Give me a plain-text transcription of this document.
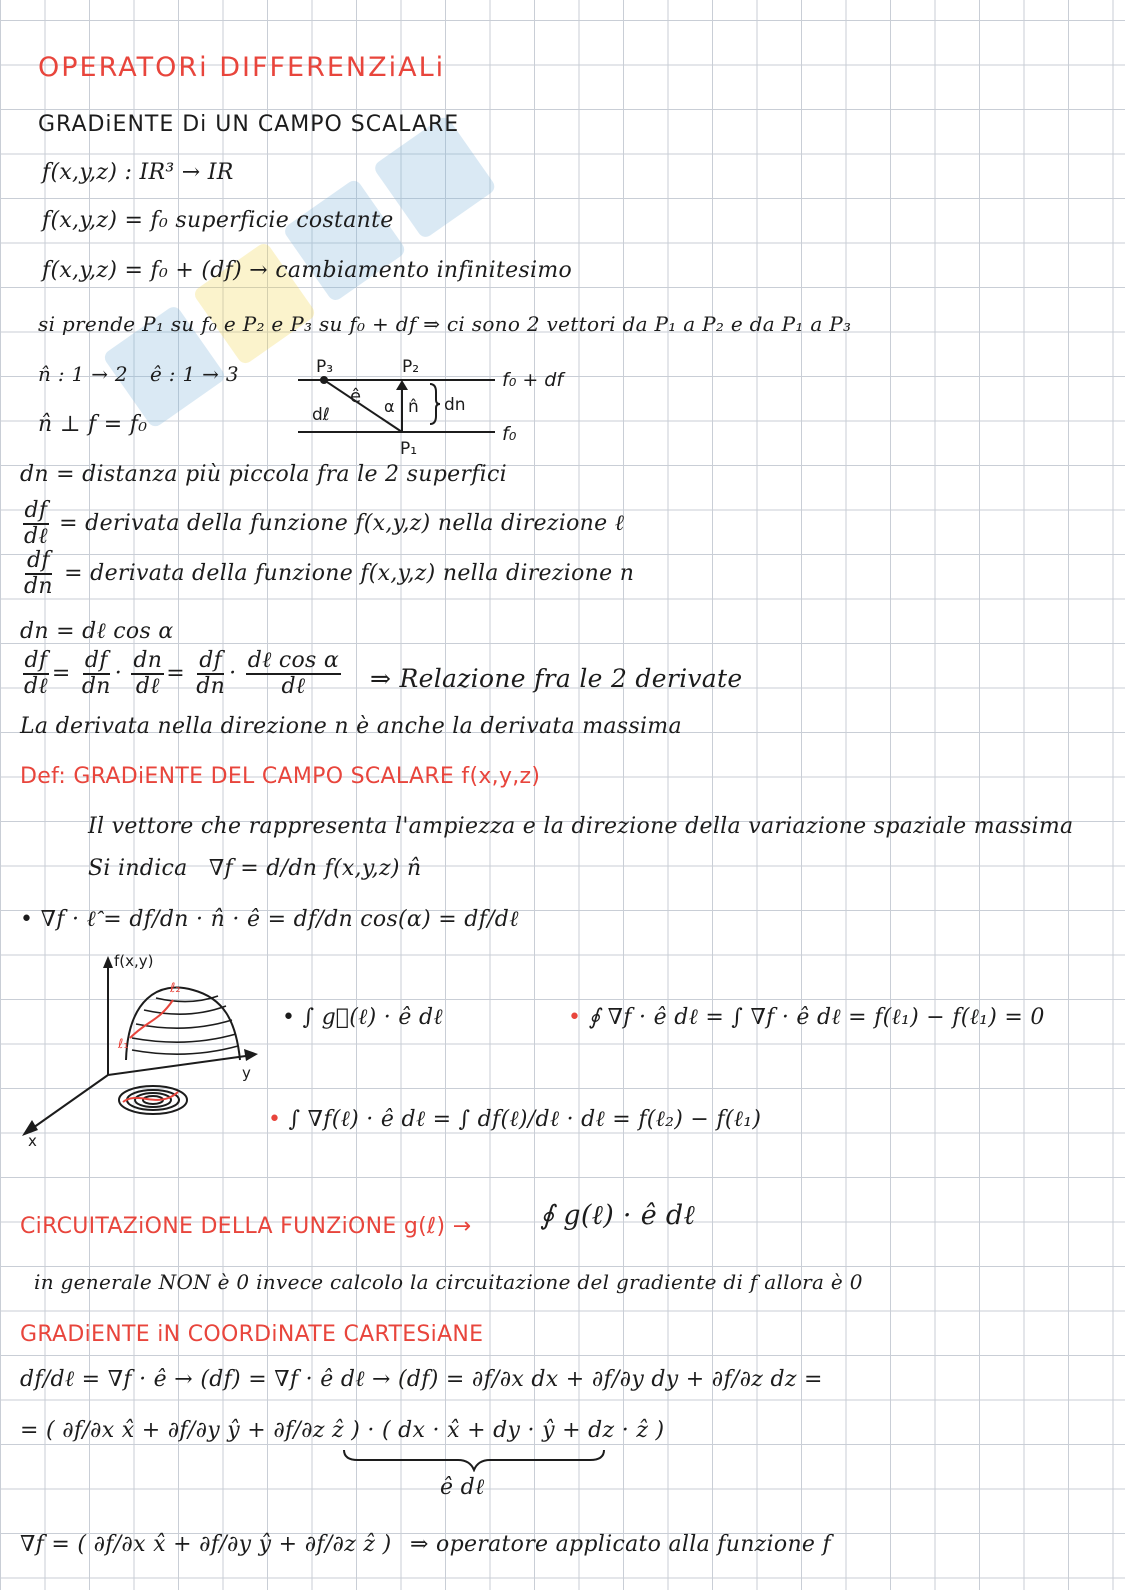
OPERATORi DIFFERENZiALi
GRADiENTE Di UN CAMPO SCALARE
f(x,y,z) : IR³ → IR
f(x,y,z) = f₀ superficie costante
f(x,y,z) = f₀ + (df) → cambiamento infinitesimo
si prende P₁ su f₀ e P₂ e P₃ su f₀ + df ⇒ ci sono 2 vettori da P₁ a P₂ e da P₁ a P₃
n̂ : 1 → 2 ê : 1 → 3
n̂ ⊥ f = f₀
P₃	P₂
P₁
f₀ + df
f₀
ê α n̂ dn
dℓ
dn = distanza più piccola fra le 2 superfici
$\frac{df}{\text{dℓ}}$ = derivata della funzione f(x,y,z) nella direzione ℓ
$\frac{df}{dn}$ = derivata della funzione f(x,y,z) nella direzione n
dn = dℓ cos α
$\frac{df}{\text{dℓ}} = \frac{df}{dn} \cdot \frac{dn}{\text{dℓ}} = \frac{df}{dn} \cdot \frac{\text{dℓ cos α}}{\text{dℓ}}$ ⇒ Relazione fra le 2 derivate
La derivata nella direzione n è anche la derivata massima
Def: GRADiENTE DEL CAMPO SCALARE f(x,y,z)
Il vettore che rappresenta l'ampiezza e la direzione della variazione spaziale massima
Si indica ∇f = d/dn f(x,y,z) n̂
• ∇f · ℓ̂ = df/dn · n̂ · ê = df/dn cos(α) = df/dℓ
f(x,y)
y
x
ℓ₁
ℓ₂
• ∫ g⃗(ℓ) · ê dℓ	• ∮ ∇f · ê dℓ = ∫ ∇f · ê dℓ = f(ℓ₁) − f(ℓ₁) = 0
• ∫ ∇f(ℓ) · ê dℓ = ∫ df(ℓ)/dℓ · dℓ = f(ℓ₂) − f(ℓ₁)
CiRCUITAZiONE DELLA FUNZiONE g(ℓ) →	∮ g(ℓ) · ê dℓ
in generale NON è 0 invece calcolo la circuitazione del gradiente di f allora è 0
GRADiENTE iN COORDiNATE CARTESiANE
df/dℓ = ∇f · ê → (df) = ∇f · ê dℓ → (df) = ∂f/∂x dx + ∂f/∂y dy + ∂f/∂z dz =
= ( ∂f/∂x x̂ + ∂f/∂y ŷ + ∂f/∂z ẑ ) · ( dx · x̂ + dy · ŷ + dz · ẑ )
ê dℓ
∇f = ( ∂f/∂x x̂ + ∂f/∂y ŷ + ∂f/∂z ẑ ) ⇒ operatore applicato alla funzione f
